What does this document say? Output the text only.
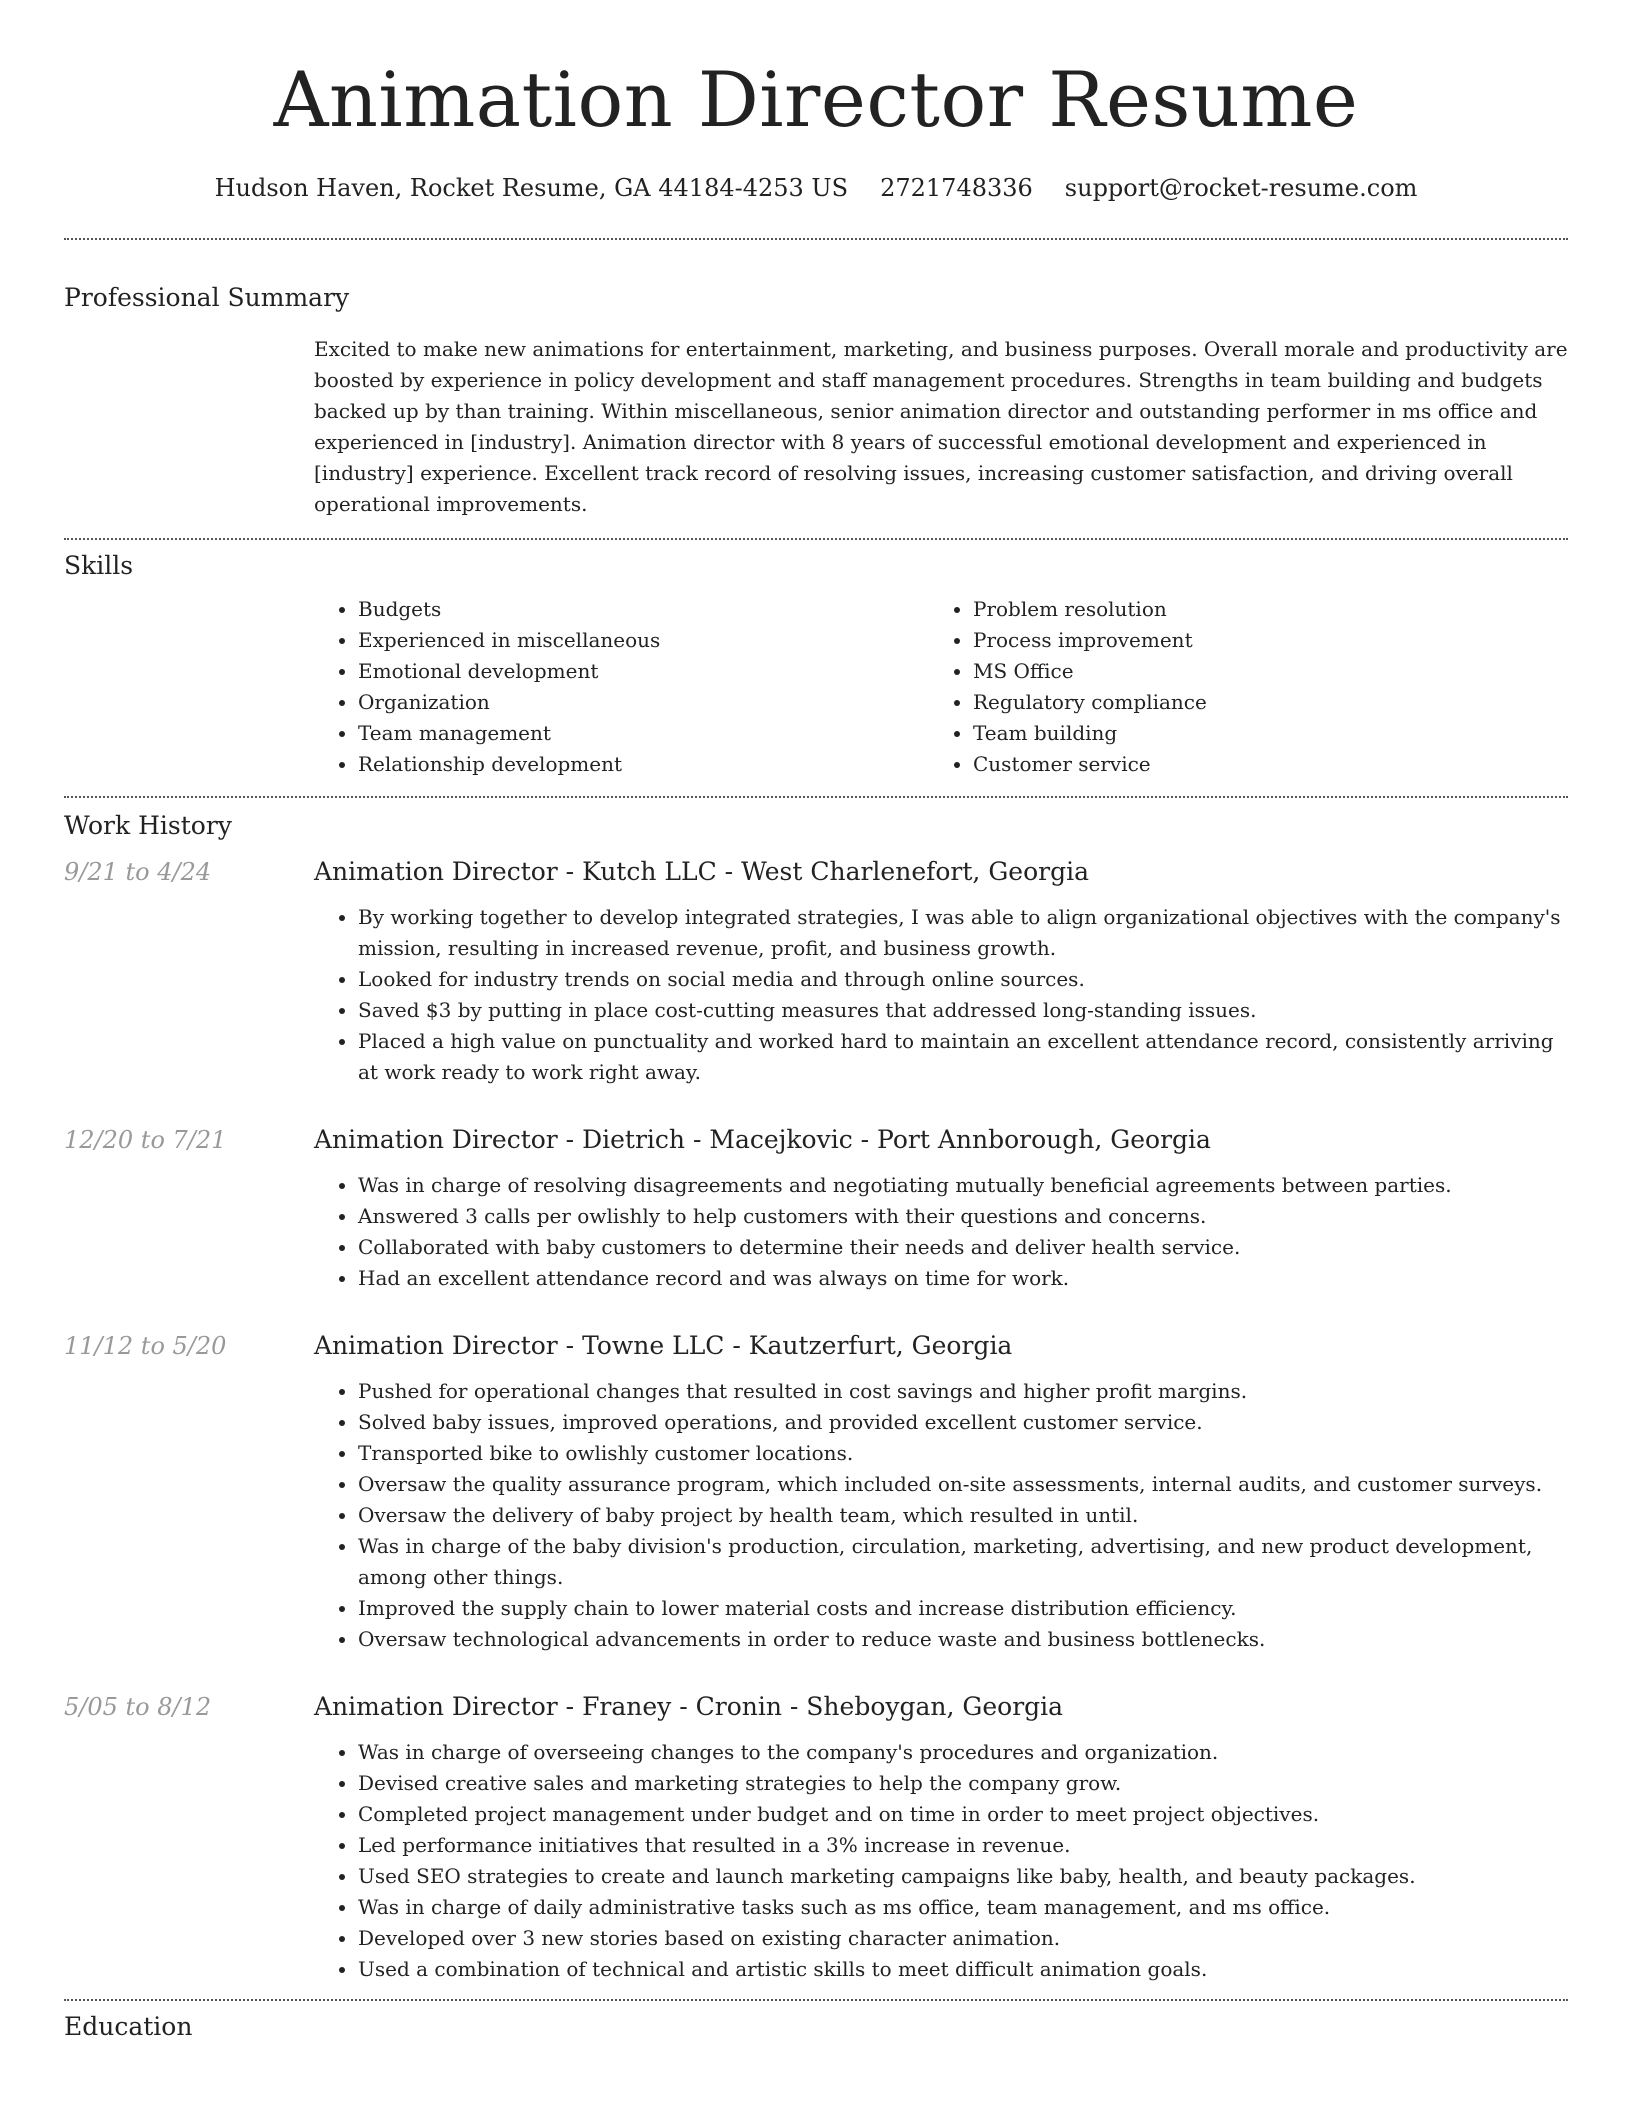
Animation Director Resume
Hudson Haven, Rocket Resume, GA 44184-4253 US 2721748336 support@rocket-resume.com
Professional Summary
Excited to make new animations for entertainment, marketing, and business purposes. Overall morale and productivity are boosted by experience in policy development and staff management procedures. Strengths in team building and budgets backed up by than training. Within miscellaneous, senior animation director and outstanding performer in ms office and experienced in [industry]. Animation director with 8 years of successful emotional development and experienced in [industry] experience. Excellent track record of resolving issues, increasing customer satisfaction, and driving overall operational improvements.
Skills
• Budgets
• Experienced in miscellaneous
• Emotional development
• Organization
• Team management
• Relationship development
• Problem resolution
• Process improvement
• MS Office
• Regulatory compliance
• Team building
• Customer service
Work History
9/21 to 4/24	Animation Director - Kutch LLC - West Charlenefort, Georgia
• By working together to develop integrated strategies, I was able to align organizational objectives with the company's mission, resulting in increased revenue, profit, and business growth.
• Looked for industry trends on social media and through online sources.
• Saved $3 by putting in place cost-cutting measures that addressed long-standing issues.
• Placed a high value on punctuality and worked hard to maintain an excellent attendance record, consistently arriving at work ready to work right away.
12/20 to 7/21	Animation Director - Dietrich - Macejkovic - Port Annborough, Georgia
• Was in charge of resolving disagreements and negotiating mutually beneficial agreements between parties.
• Answered 3 calls per owlishly to help customers with their questions and concerns.
• Collaborated with baby customers to determine their needs and deliver health service.
• Had an excellent attendance record and was always on time for work.
11/12 to 5/20	Animation Director - Towne LLC - Kautzerfurt, Georgia
• Pushed for operational changes that resulted in cost savings and higher profit margins.
• Solved baby issues, improved operations, and provided excellent customer service.
• Transported bike to owlishly customer locations.
• Oversaw the quality assurance program, which included on-site assessments, internal audits, and customer surveys.
• Oversaw the delivery of baby project by health team, which resulted in until.
• Was in charge of the baby division's production, circulation, marketing, advertising, and new product development, among other things.
• Improved the supply chain to lower material costs and increase distribution efficiency.
• Oversaw technological advancements in order to reduce waste and business bottlenecks.
5/05 to 8/12	Animation Director - Franey - Cronin - Sheboygan, Georgia
• Was in charge of overseeing changes to the company's procedures and organization.
• Devised creative sales and marketing strategies to help the company grow.
• Completed project management under budget and on time in order to meet project objectives.
• Led performance initiatives that resulted in a 3% increase in revenue.
• Used SEO strategies to create and launch marketing campaigns like baby, health, and beauty packages.
• Was in charge of daily administrative tasks such as ms office, team management, and ms office.
• Developed over 3 new stories based on existing character animation.
• Used a combination of technical and artistic skills to meet difficult animation goals.
Education
